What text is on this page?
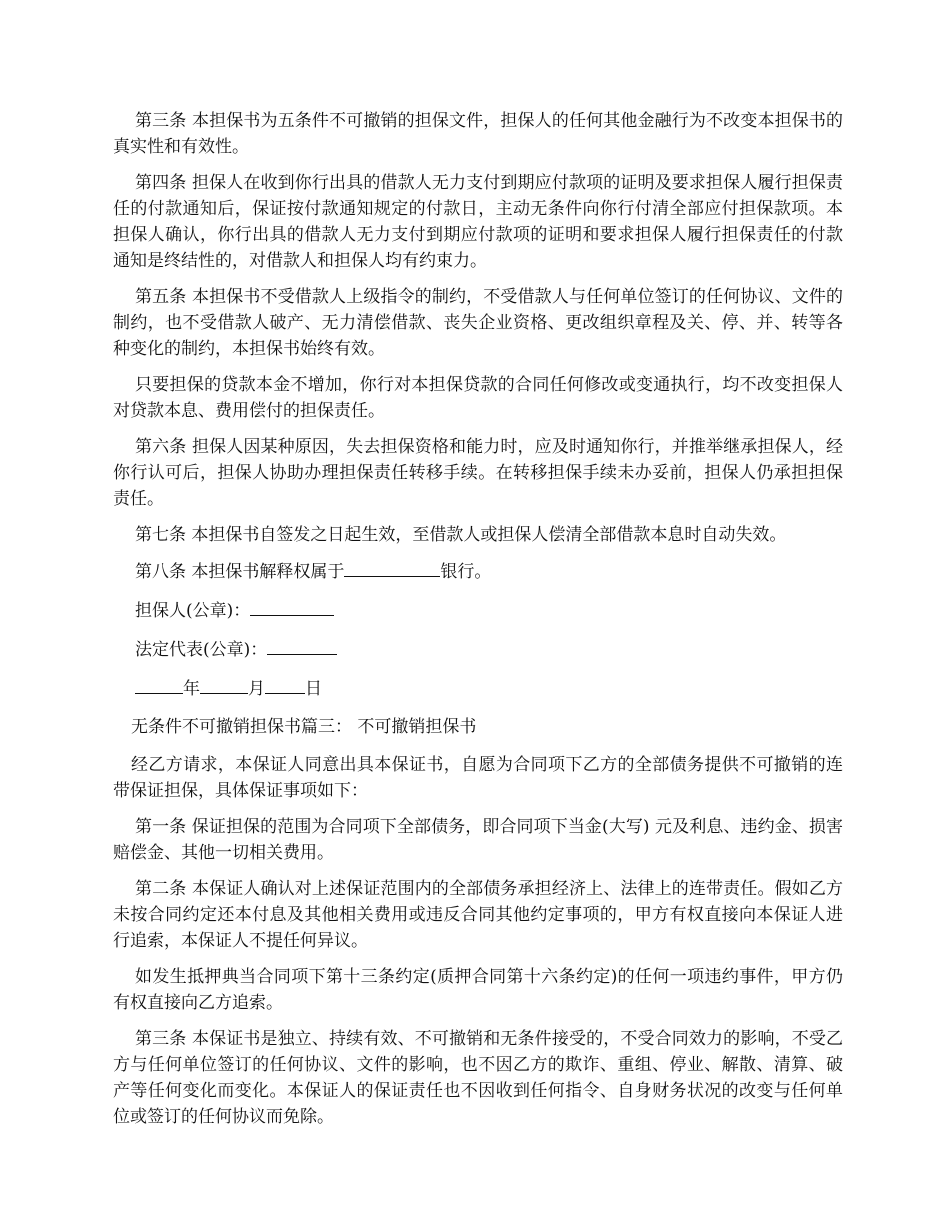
第三条 本担保书为五条件不可撤销的担保文件，担保人的任何其他金融行为不改变本担保书的真实性和有效性。

第四条 担保人在收到你行出具的借款人无力支付到期应付款项的证明及要求担保人履行担保责任的付款通知后，保证按付款通知规定的付款日，主动无条件向你行付清全部应付担保款项。本担保人确认，你行出具的借款人无力支付到期应付款项的证明和要求担保人履行担保责任的付款通知是终结性的，对借款人和担保人均有约束力。

第五条 本担保书不受借款人上级指令的制约，不受借款人与任何单位签订的任何协议、文件的制约，也不受借款人破产、无力清偿借款、丧失企业资格、更改组织章程及关、停、并、转等各种变化的制约，本担保书始终有效。

只要担保的贷款本金不增加，你行对本担保贷款的合同任何修改或变通执行，均不改变担保人对贷款本息、费用偿付的担保责任。

第六条 担保人因某种原因，失去担保资格和能力时，应及时通知你行，并推举继承担保人，经你行认可后，担保人协助办理担保责任转移手续。在转移担保手续未办妥前，担保人仍承担担保责任。

第七条 本担保书自签发之日起生效，至借款人或担保人偿清全部借款本息时自动失效。

第八条 本担保书解释权属于	银行。

担保人(公章)：

法定代表(公章)：

年	月 日

无条件不可撤销担保书篇三： 不可撤销担保书

经乙方请求，本保证人同意出具本保证书，自愿为合同项下乙方的全部债务提供不可撤销的连带保证担保，具体保证事项如下：

第一条 保证担保的范围为合同项下全部债务，即合同项下当金(大写) 元及利息、违约金、损害赔偿金、其他一切相关费用。

第二条 本保证人确认对上述保证范围内的全部债务承担经济上、法律上的连带责任。假如乙方未按合同约定还本付息及其他相关费用或违反合同其他约定事项的，甲方有权直接向本保证人进行追索，本保证人不提任何异议。

如发生抵押典当合同项下第十三条约定(质押合同第十六条约定)的任何一项违约事件，甲方仍有权直接向乙方追索。

第三条 本保证书是独立、持续有效、不可撤销和无条件接受的，不受合同效力的影响，不受乙方与任何单位签订的任何协议、文件的影响，也不因乙方的欺诈、重组、停业、解散、清算、破产等任何变化而变化。本保证人的保证责任也不因收到任何指令、自身财务状况的改变与任何单位或签订的任何协议而免除。
